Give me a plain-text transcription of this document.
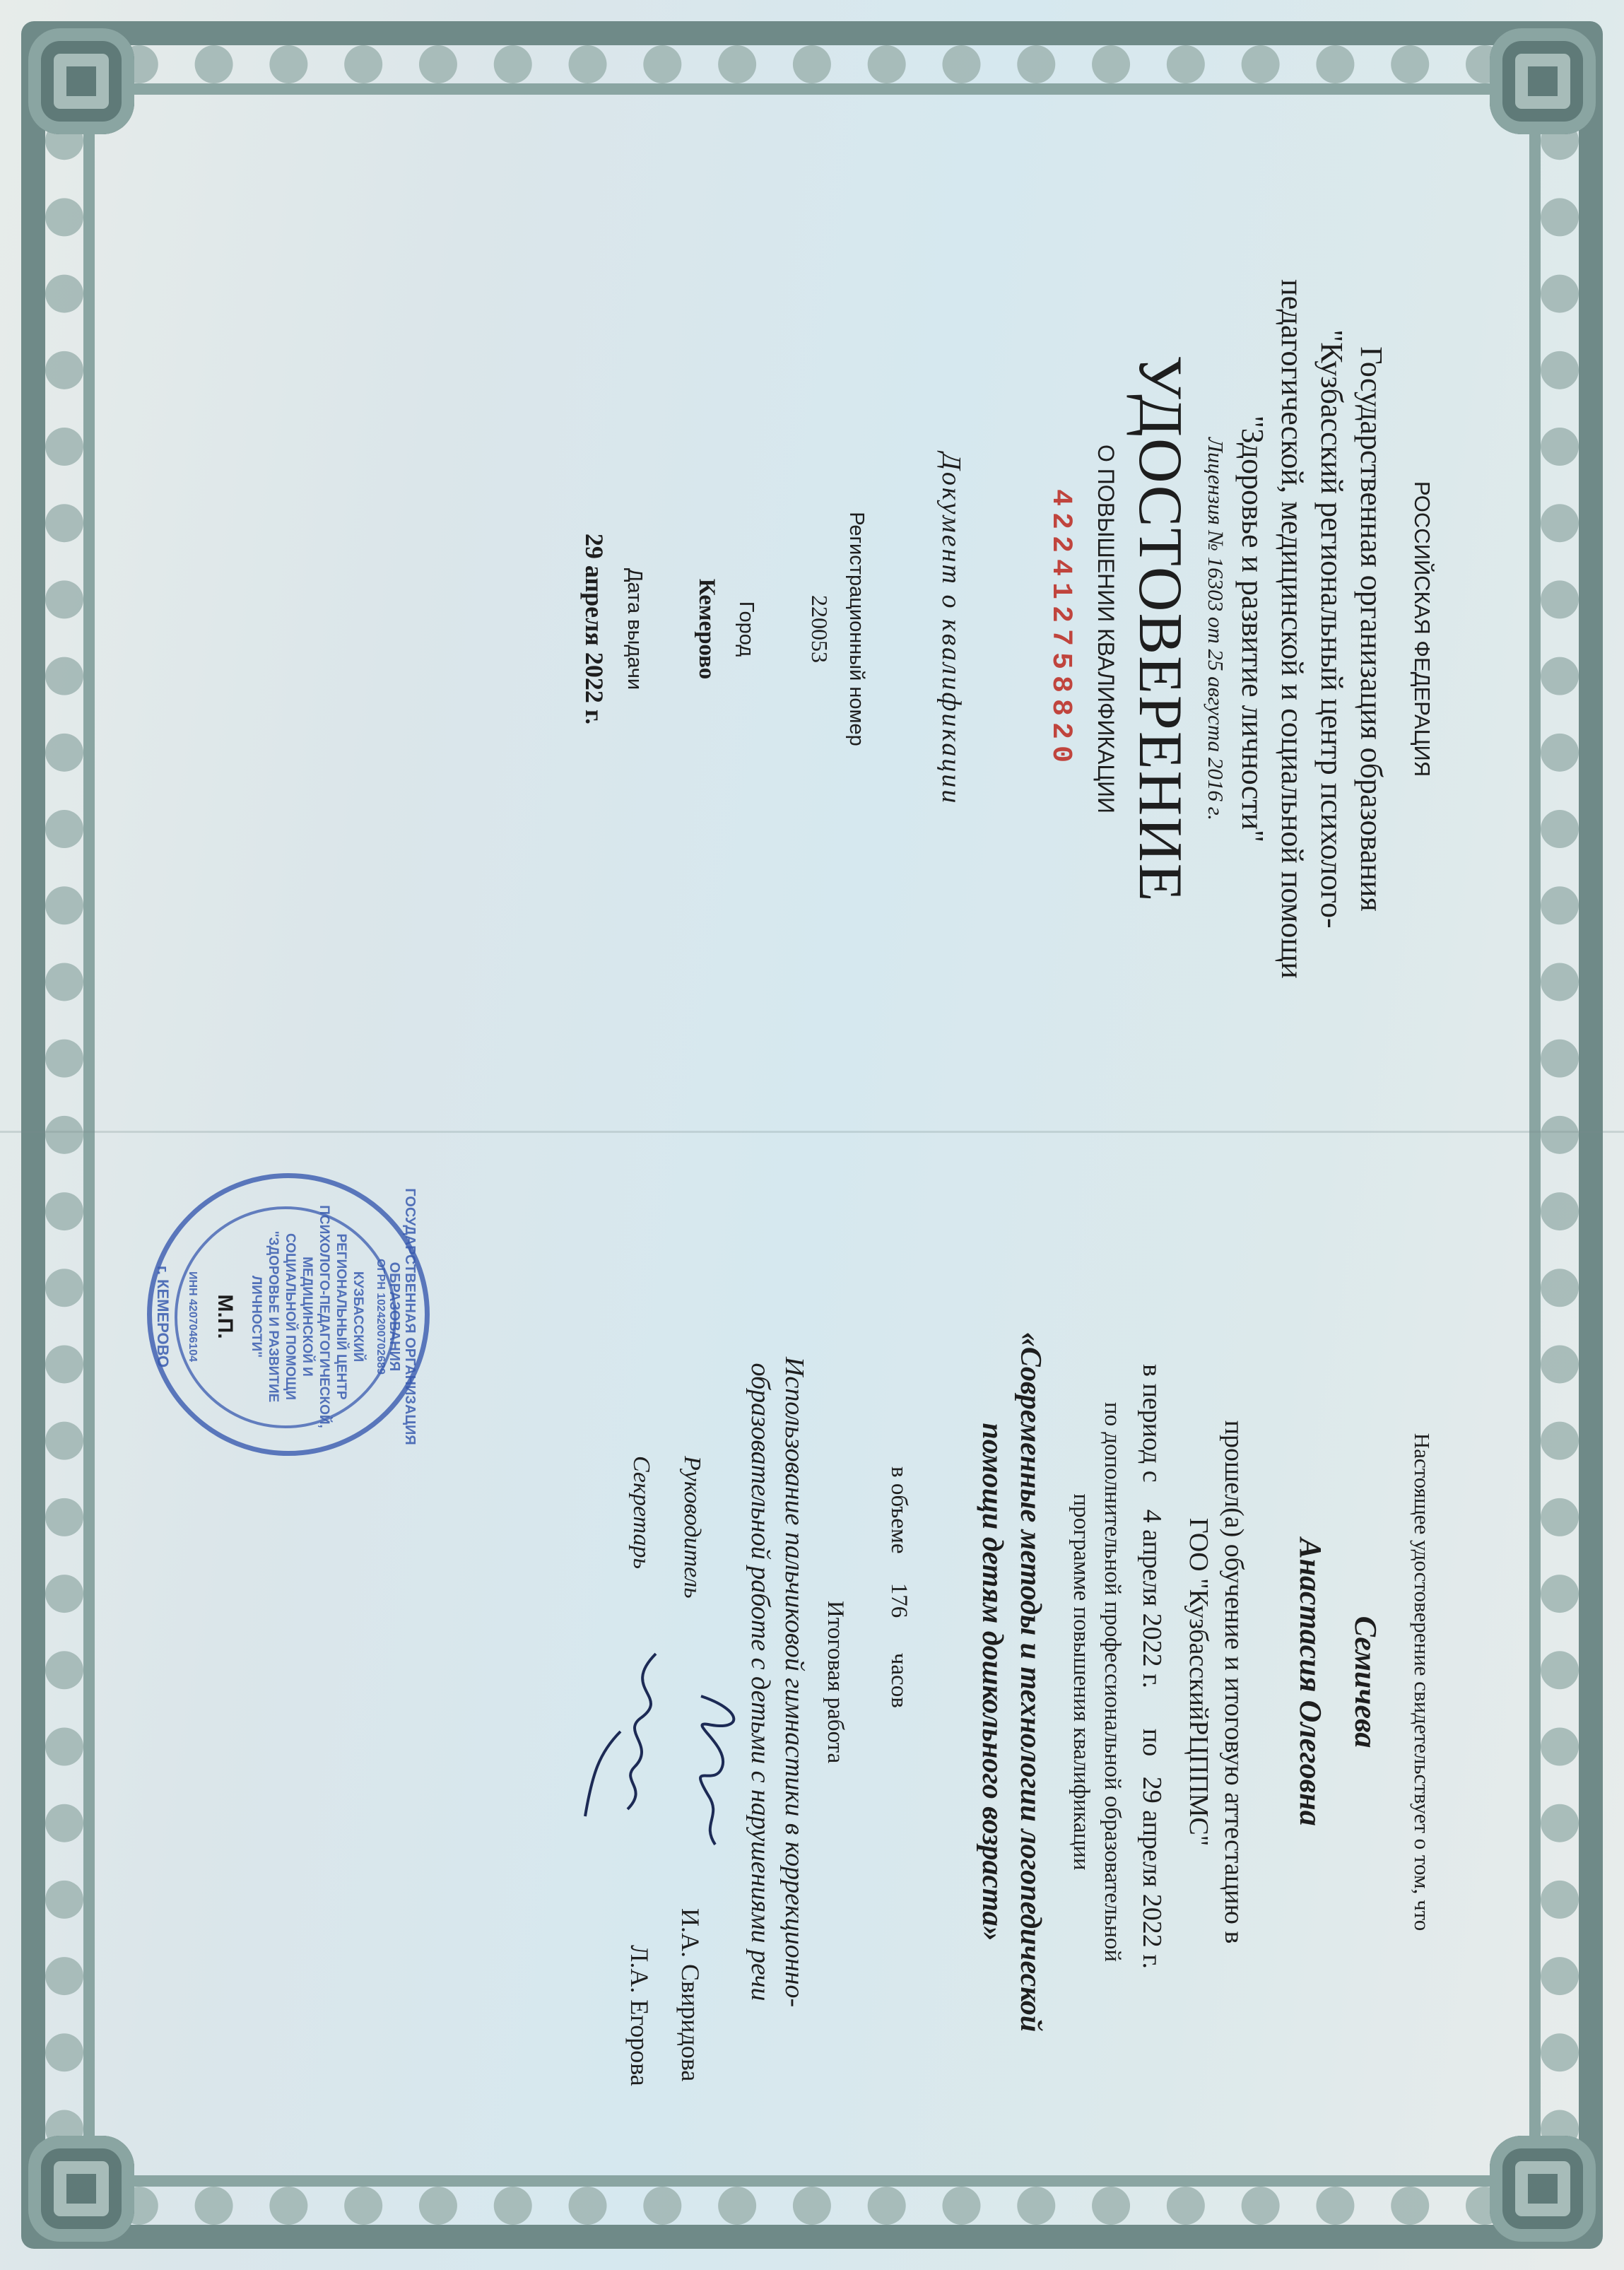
РОССИЙСКАЯ ФЕДЕРАЦИЯ
Государственная организация образования
"Кузбасский региональный центр психолого-
педагогической, медицинской и социальной помощи
"Здоровье и развитие личности"
Лицензия № 16303 от 25 августа 2016 г.
УДОСТОВЕРЕНИЕ
О ПОВЫШЕНИИ КВАЛИФИКАЦИИ
422412758820
Документ о квалификации
Регистрационный номер
220053
Город
Кемерово
Дата выдачи
29 апреля 2022 г.
Настоящее удостоверение свидетельствует о том, что
Семичева
Анастасия Олеговна
прошел(а) обучение и итоговую аттестацию в
ГОО "КузбасскийРЦППМС"
в период с    4 апреля 2022 г.      по   29 апреля 2022 г.
по дополнительной профессиональной образовательной
программе повышения квалификации
«Современные методы и технологии логопедической
помощи детям дошкольного возраста»
в объеме     176      часов
Итоговая работа
Использование пальчиковой гимнастики в коррекционно-
образовательной работе с детьми с нарушениями речи
Руководитель
И.А. Свиридова
Секретарь
Л.А. Егорова
ГОСУДАРСТВЕННАЯ ОРГАНИЗАЦИЯ ОБРАЗОВАНИЯ
г. КЕМЕРОВО	ОГРН 1024200702689
КУЗБАССКИЙ
РЕГИОНАЛЬНЫЙ ЦЕНТР
ПСИХОЛОГО-ПЕДАГОГИЧЕСКОЙ,
МЕДИЦИНСКОЙ И
СОЦИАЛЬНОЙ ПОМОЩИ
"ЗДОРОВЬЕ И РАЗВИТИЕ
ЛИЧНОСТИ"
М.П.
ИНН 4207046104
